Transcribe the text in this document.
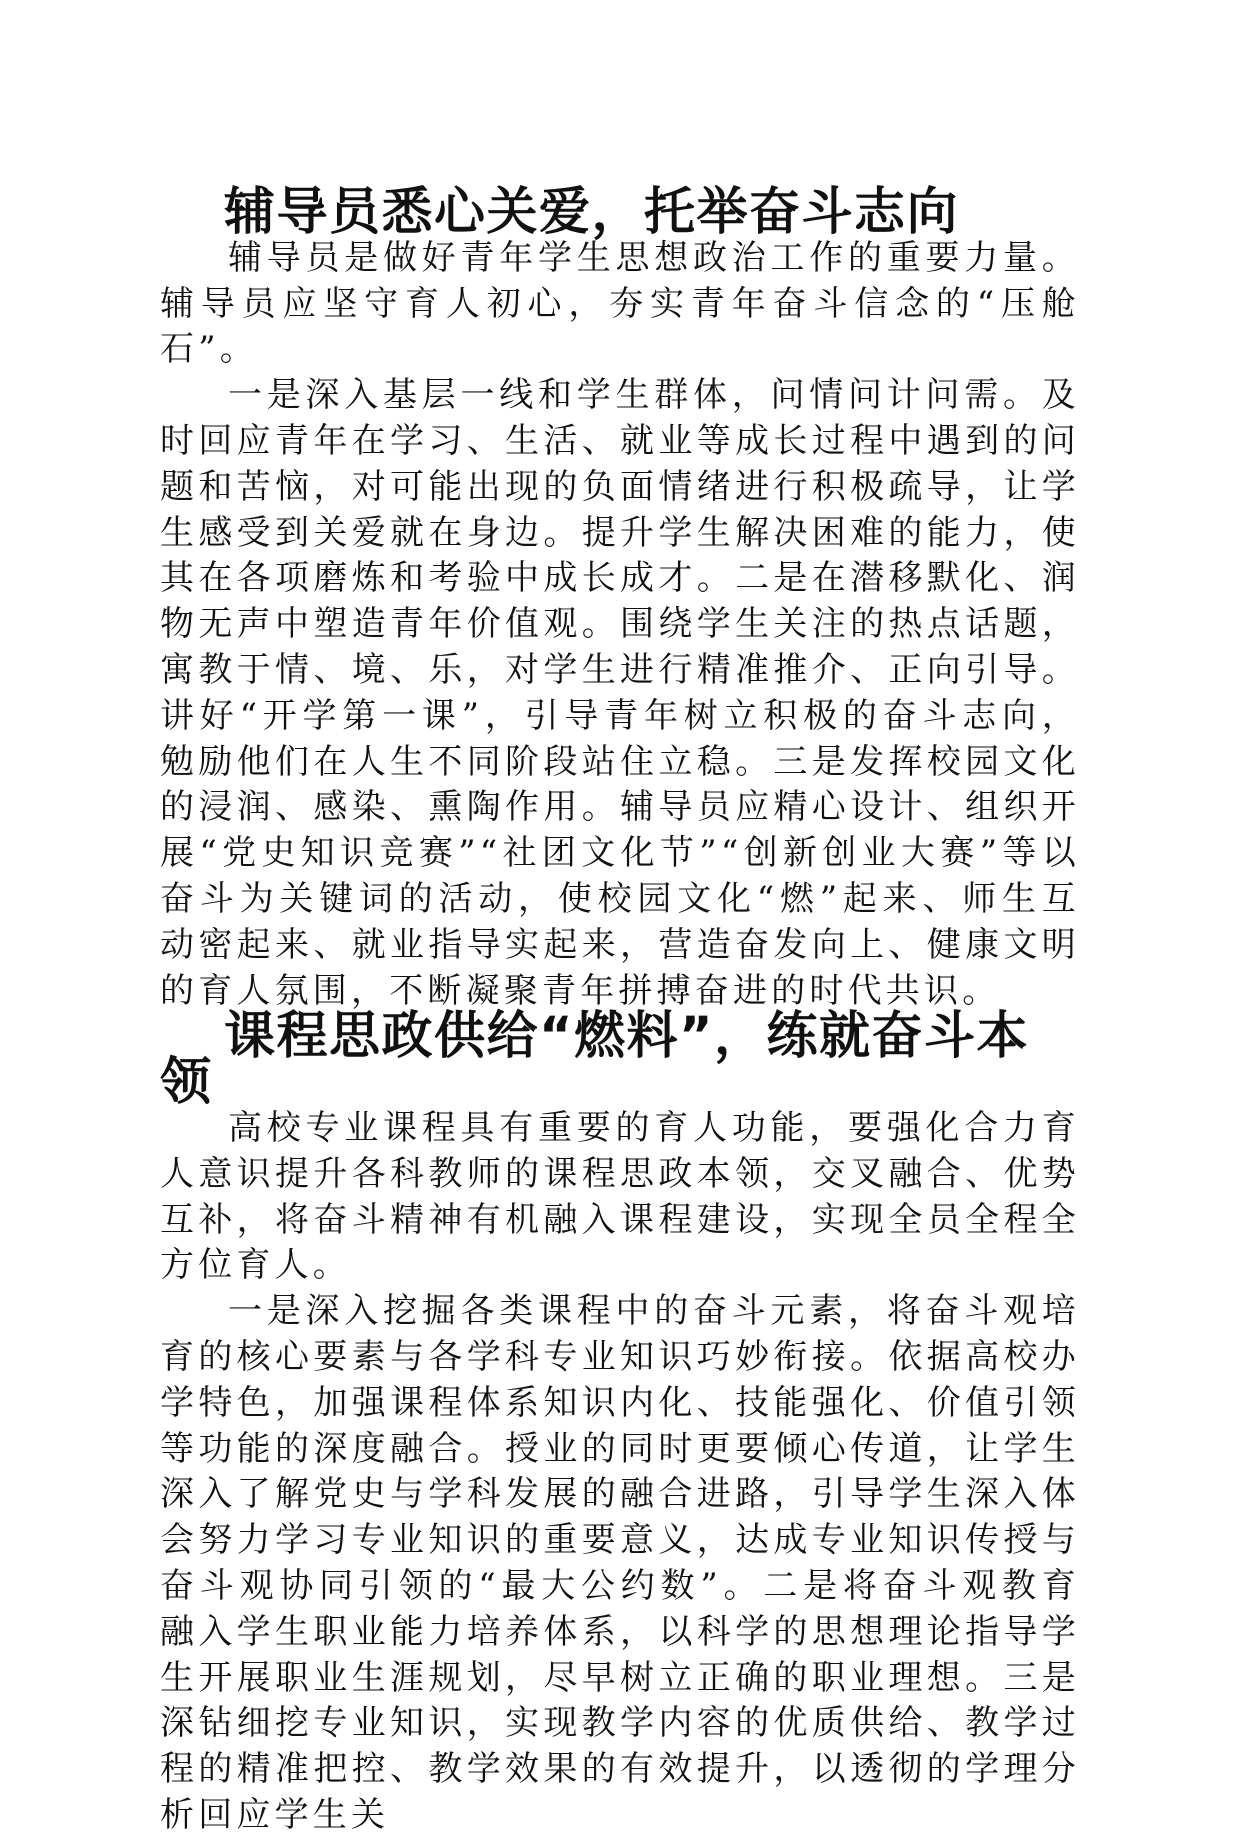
辅导员悉心关爱，托举奋斗志向

辅导员是做好青年学生思想政治工作的重要力量。辅导员应坚守育人初心，夯实青年奋斗信念的“压舱石”。

一是深入基层一线和学生群体，问情问计问需。及时回应青年在学习、生活、就业等成长过程中遇到的问题和苦恼，对可能出现的负面情绪进行积极疏导，让学生感受到关爱就在身边。提升学生解决困难的能力，使其在各项磨炼和考验中成长成才。二是在潜移默化、润物无声中塑造青年价值观。围绕学生关注的热点话题，寓教于情、境、乐，对学生进行精准推介、正向引导。讲好“开学第一课”，引导青年树立积极的奋斗志向，勉励他们在人生不同阶段站住立稳。三是发挥校园文化的浸润、感染、熏陶作用。辅导员应精心设计、组织开展“党史知识竞赛”“社团文化节”“创新创业大赛”等以奋斗为关键词的活动，使校园文化“燃”起来、师生互动密起来、就业指导实起来，营造奋发向上、健康文明的育人氛围，不断凝聚青年拼搏奋进的时代共识。

课程思政供给“燃料”，练就奋斗本领

高校专业课程具有重要的育人功能，要强化合力育人意识提升各科教师的课程思政本领，交叉融合、优势互补，将奋斗精神有机融入课程建设，实现全员全程全方位育人。

一是深入挖掘各类课程中的奋斗元素，将奋斗观培育的核心要素与各学科专业知识巧妙衔接。依据高校办学特色，加强课程体系知识内化、技能强化、价值引领等功能的深度融合。授业的同时更要倾心传道，让学生深入了解党史与学科发展的融合进路，引导学生深入体会努力学习专业知识的重要意义，达成专业知识传授与奋斗观协同引领的“最大公约数”。二是将奋斗观教育融入学生职业能力培养体系，以科学的思想理论指导学生开展职业生涯规划，尽早树立正确的职业理想。三是深钻细挖专业知识，实现教学内容的优质供给、教学过程的精准把控、教学效果的有效提升，以透彻的学理分析回应学生关
